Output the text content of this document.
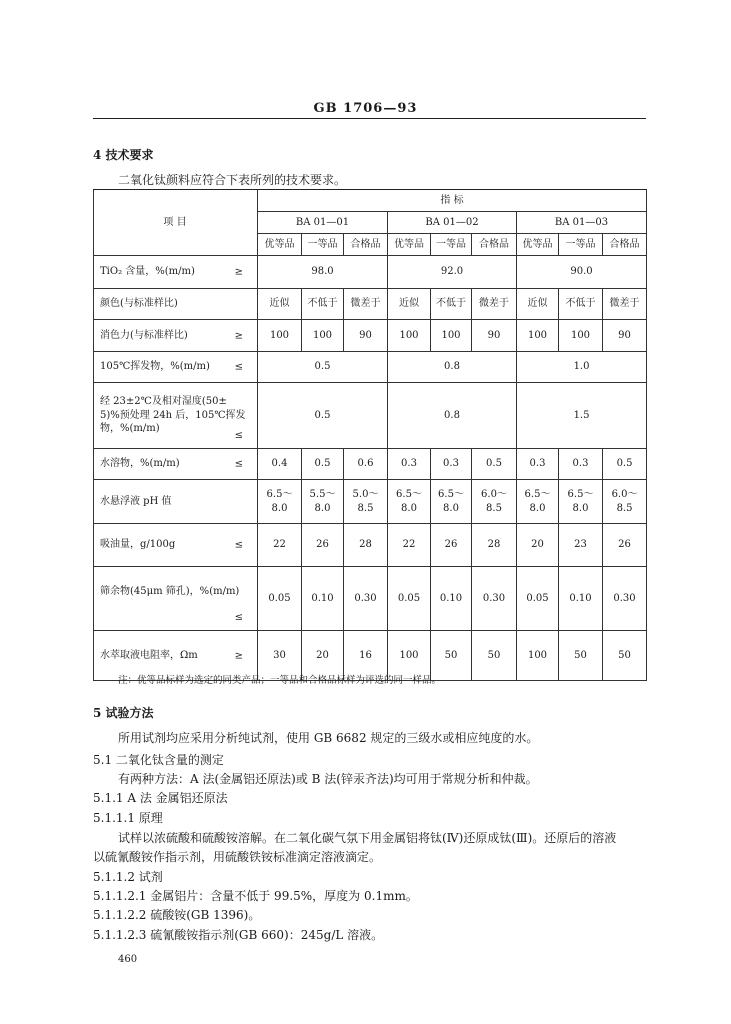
GB 1706—93
4 技术要求
二氧化钛颜料应符合下表所列的技术要求。
项 目	指 标								
	BA 01—01			BA 01—02			BA 01—03		
	优等品	一等品	合格品	优等品	一等品	合格品	优等品	一等品	合格品
TiO₂ 含量，%(m/m) ≥	98.0			92.0			90.0		
颜色(与标准样比)	近似	不低于	微差于	近似	不低于	微差于	近似	不低于	微差于
消色力(与标准样比) ≥	100	100	90	100	100	90	100	100	90
105℃挥发物，%(m/m) ≤	0.5			0.8			1.0		

经 23±2℃及相对湿度(50±
5)%预处理 24h 后，105℃挥发
物，%(m/m)
≤	0.5			0.8			1.5		
水溶物，%(m/m) ≤	0.4	0.5	0.6	0.3	0.3	0.5	0.3	0.3	0.5
水悬浮液 pH 值	6.5～
8.0	5.5～
8.0	5.0～
8.5	6.5～
8.0	6.5～
8.0	6.0～
8.5	6.5～
8.0	6.5～
8.0	6.0～
8.5
吸油量，g/100g ≤	22	26	28	22	26	28	20	23	26

筛余物(45μm 筛孔)，%(m/m)
≤	0.05	0.10	0.30	0.05	0.10	0.30	0.05	0.10	0.30
水萃取液电阻率，Ωm ≥	30	20	16	100	50	50	100	50	50
注：优等品标样为选定的同类产品；一等品和合格品标样为评选的同一样品。
5 试验方法
所用试剂均应采用分析纯试剂，使用 GB 6682 规定的三级水或相应纯度的水。
5.1 二氧化钛含量的测定
有两种方法：A 法(金属铝还原法)或 B 法(锌汞齐法)均可用于常规分析和仲裁。
5.1.1 A 法 金属铝还原法
5.1.1.1 原理
试样以浓硫酸和硫酸铵溶解。在二氧化碳气氛下用金属铝将钛(Ⅳ)还原成钛(Ⅲ)。还原后的溶液
以硫氰酸铵作指示剂，用硫酸铁铵标准滴定溶液滴定。
5.1.1.2 试剂
5.1.1.2.1 金属铝片：含量不低于 99.5%，厚度为 0.1mm。
5.1.1.2.2 硫酸铵(GB 1396)。
5.1.1.2.3 硫氰酸铵指示剂(GB 660)：245g/L 溶液。
460
